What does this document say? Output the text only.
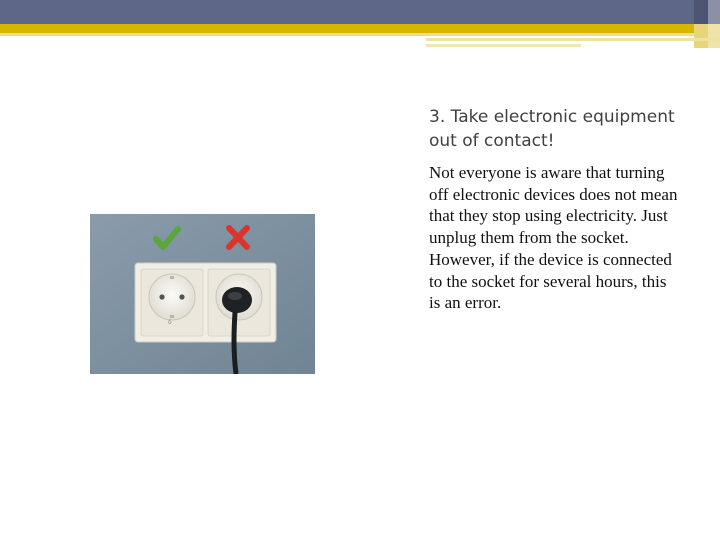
3. Take electronic equipment out of contact!

Not everyone is aware that turning off electronic devices does not mean that they stop using electricity. Just unplug them from the socket. However, if the device is connected to the socket for several hours, this is an error.

δ
